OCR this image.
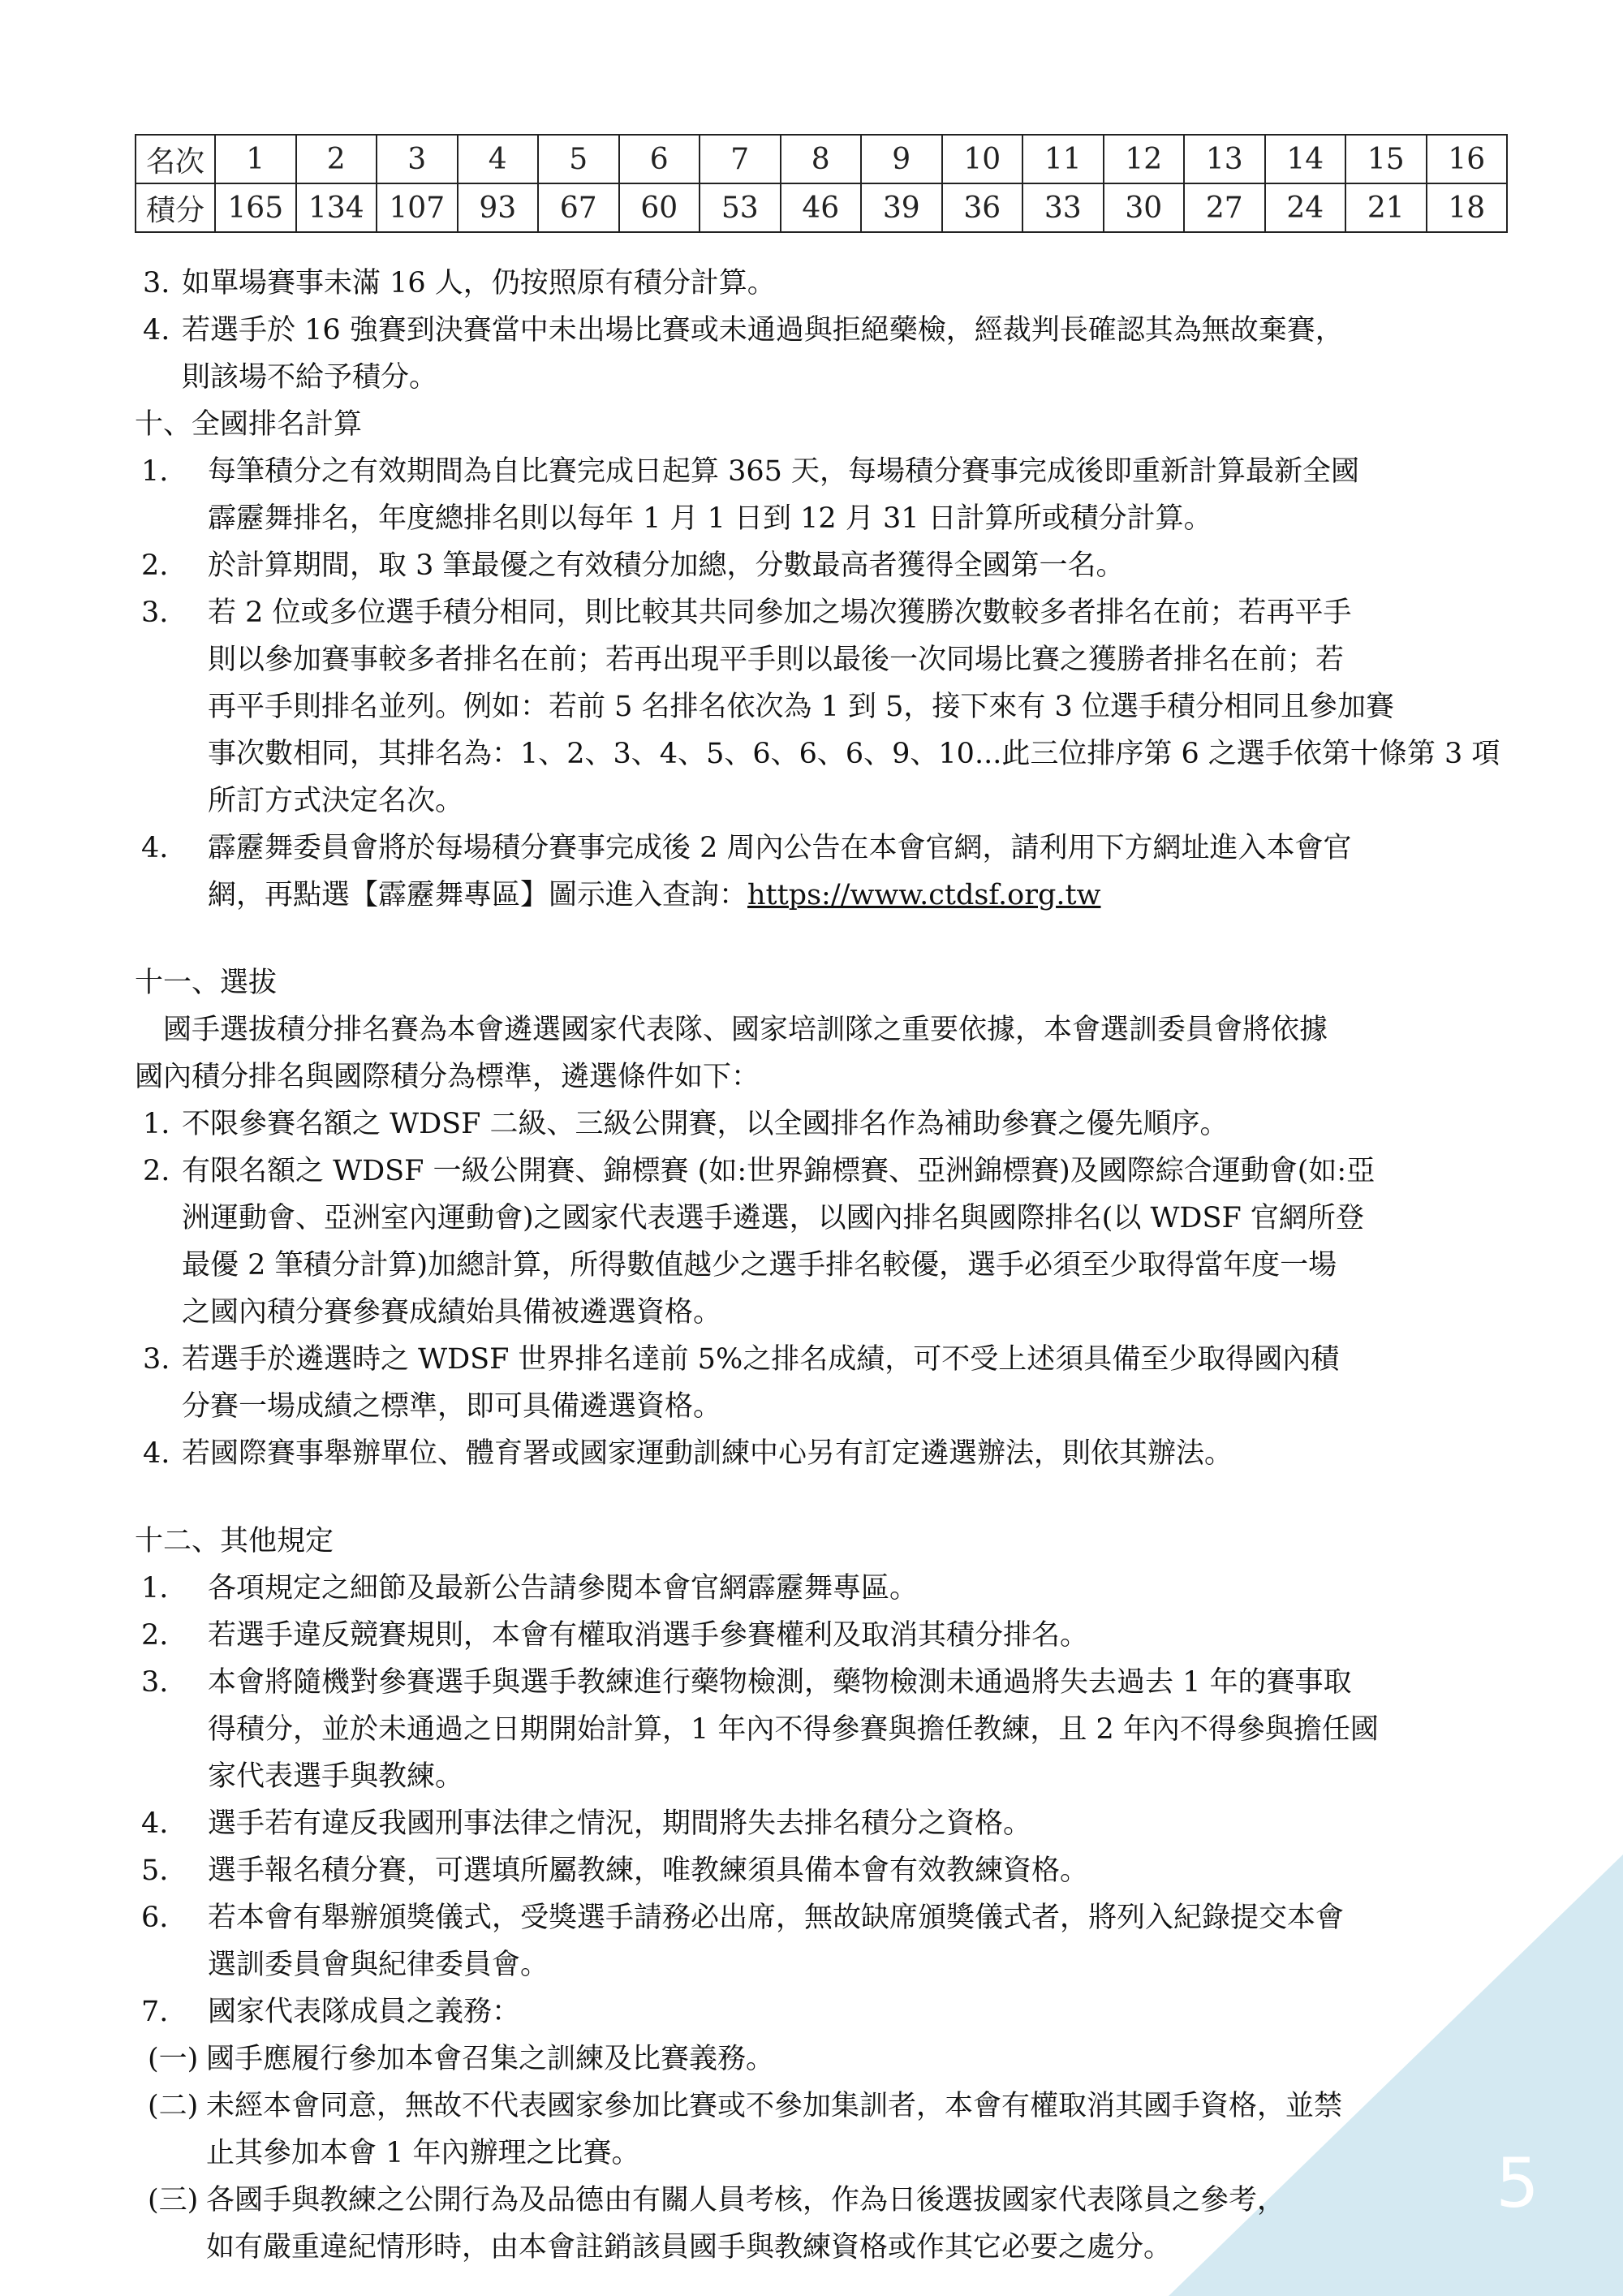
5
名次	1	2	3	4	5	6	7	8	9	10	11	12	13	14	15	16
積分	165	134	107	93	67	60	53	46	39	36	33	30	27	24	21	18
3. 如單場賽事未滿 16 人，仍按照原有積分計算。
4. 若選手於 16 強賽到決賽當中未出場比賽或未通過與拒絕藥檢，經裁判長確認其為無故棄賽，
則該場不給予積分。
十、全國排名計算
1. 每筆積分之有效期間為自比賽完成日起算 365 天，每場積分賽事完成後即重新計算最新全國
霹靂舞排名，年度總排名則以每年 1 月 1 日到 12 月 31 日計算所或積分計算。
2. 於計算期間，取 3 筆最優之有效積分加總，分數最高者獲得全國第一名。
3. 若 2 位或多位選手積分相同，則比較其共同參加之場次獲勝次數較多者排名在前；若再平手
則以參加賽事較多者排名在前；若再出現平手則以最後一次同場比賽之獲勝者排名在前；若
再平手則排名並列。例如：若前 5 名排名依次為 1 到 5，接下來有 3 位選手積分相同且參加賽
事次數相同，其排名為：1、2、3、4、5、6、6、6、9、10...此三位排序第 6 之選手依第十條第 3 項
所訂方式決定名次。
4. 霹靂舞委員會將於每場積分賽事完成後 2 周內公告在本會官網，請利用下方網址進入本會官
網，再點選【霹靂舞專區】圖示進入查詢：https://www.ctdsf.org.tw
十一、選拔
　國手選拔積分排名賽為本會遴選國家代表隊、國家培訓隊之重要依據，本會選訓委員會將依據
國內積分排名與國際積分為標準，遴選條件如下：
1. 不限參賽名額之 WDSF 二級、三級公開賽，以全國排名作為補助參賽之優先順序。
2. 有限名額之 WDSF 一級公開賽、錦標賽 (如:世界錦標賽、亞洲錦標賽)及國際綜合運動會(如:亞
洲運動會、亞洲室內運動會)之國家代表選手遴選，以國內排名與國際排名(以 WDSF 官網所登
最優 2 筆積分計算)加總計算，所得數值越少之選手排名較優，選手必須至少取得當年度一場
之國內積分賽參賽成績始具備被遴選資格。
3. 若選手於遴選時之 WDSF 世界排名達前 5%之排名成績，可不受上述須具備至少取得國內積
分賽一場成績之標準，即可具備遴選資格。
4. 若國際賽事舉辦單位、體育署或國家運動訓練中心另有訂定遴選辦法，則依其辦法。
十二、其他規定
1. 各項規定之細節及最新公告請參閱本會官網霹靂舞專區。
2. 若選手違反競賽規則，本會有權取消選手參賽權利及取消其積分排名。
3. 本會將隨機對參賽選手與選手教練進行藥物檢測，藥物檢測未通過將失去過去 1 年的賽事取
得積分，並於未通過之日期開始計算，1 年內不得參賽與擔任教練，且 2 年內不得參與擔任國
家代表選手與教練。
4. 選手若有違反我國刑事法律之情況，期間將失去排名積分之資格。
5. 選手報名積分賽，可選填所屬教練，唯教練須具備本會有效教練資格。
6. 若本會有舉辦頒獎儀式，受獎選手請務必出席，無故缺席頒獎儀式者，將列入紀錄提交本會
選訓委員會與紀律委員會。
7. 國家代表隊成員之義務：
(一) 國手應履行參加本會召集之訓練及比賽義務。
(二) 未經本會同意，無故不代表國家參加比賽或不參加集訓者，本會有權取消其國手資格，並禁
止其參加本會 1 年內辦理之比賽。
(三) 各國手與教練之公開行為及品德由有關人員考核，作為日後選拔國家代表隊員之參考，
如有嚴重違紀情形時，由本會註銷該員國手與教練資格或作其它必要之處分。
